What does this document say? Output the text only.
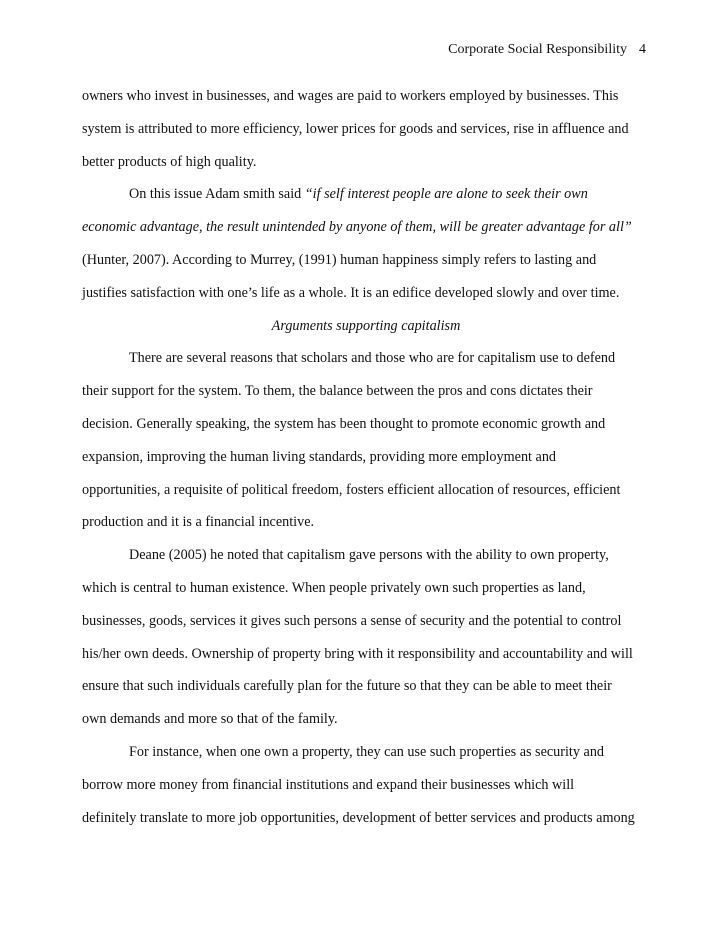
Corporate Social Responsibility 4
owners who invest in businesses, and wages are paid to workers employed by businesses. This
system is attributed to more efficiency, lower prices for goods and services, rise in affluence and
better products of high quality.
On this issue Adam smith said “if self interest people are alone to seek their own
economic advantage, the result unintended by anyone of them, will be greater advantage for all”
(Hunter, 2007). According to Murrey, (1991) human happiness simply refers to lasting and
justifies satisfaction with one’s life as a whole. It is an edifice developed slowly and over time.
Arguments supporting capitalism
There are several reasons that scholars and those who are for capitalism use to defend
their support for the system. To them, the balance between the pros and cons dictates their
decision. Generally speaking, the system has been thought to promote economic growth and
expansion, improving the human living standards, providing more employment and
opportunities, a requisite of political freedom, fosters efficient allocation of resources, efficient
production and it is a financial incentive.
Deane (2005) he noted that capitalism gave persons with the ability to own property,
which is central to human existence. When people privately own such properties as land,
businesses, goods, services it gives such persons a sense of security and the potential to control
his/her own deeds. Ownership of property bring with it responsibility and accountability and will
ensure that such individuals carefully plan for the future so that they can be able to meet their
own demands and more so that of the family.
For instance, when one own a property, they can use such properties as security and
borrow more money from financial institutions and expand their businesses which will
definitely translate to more job opportunities, development of better services and products among
